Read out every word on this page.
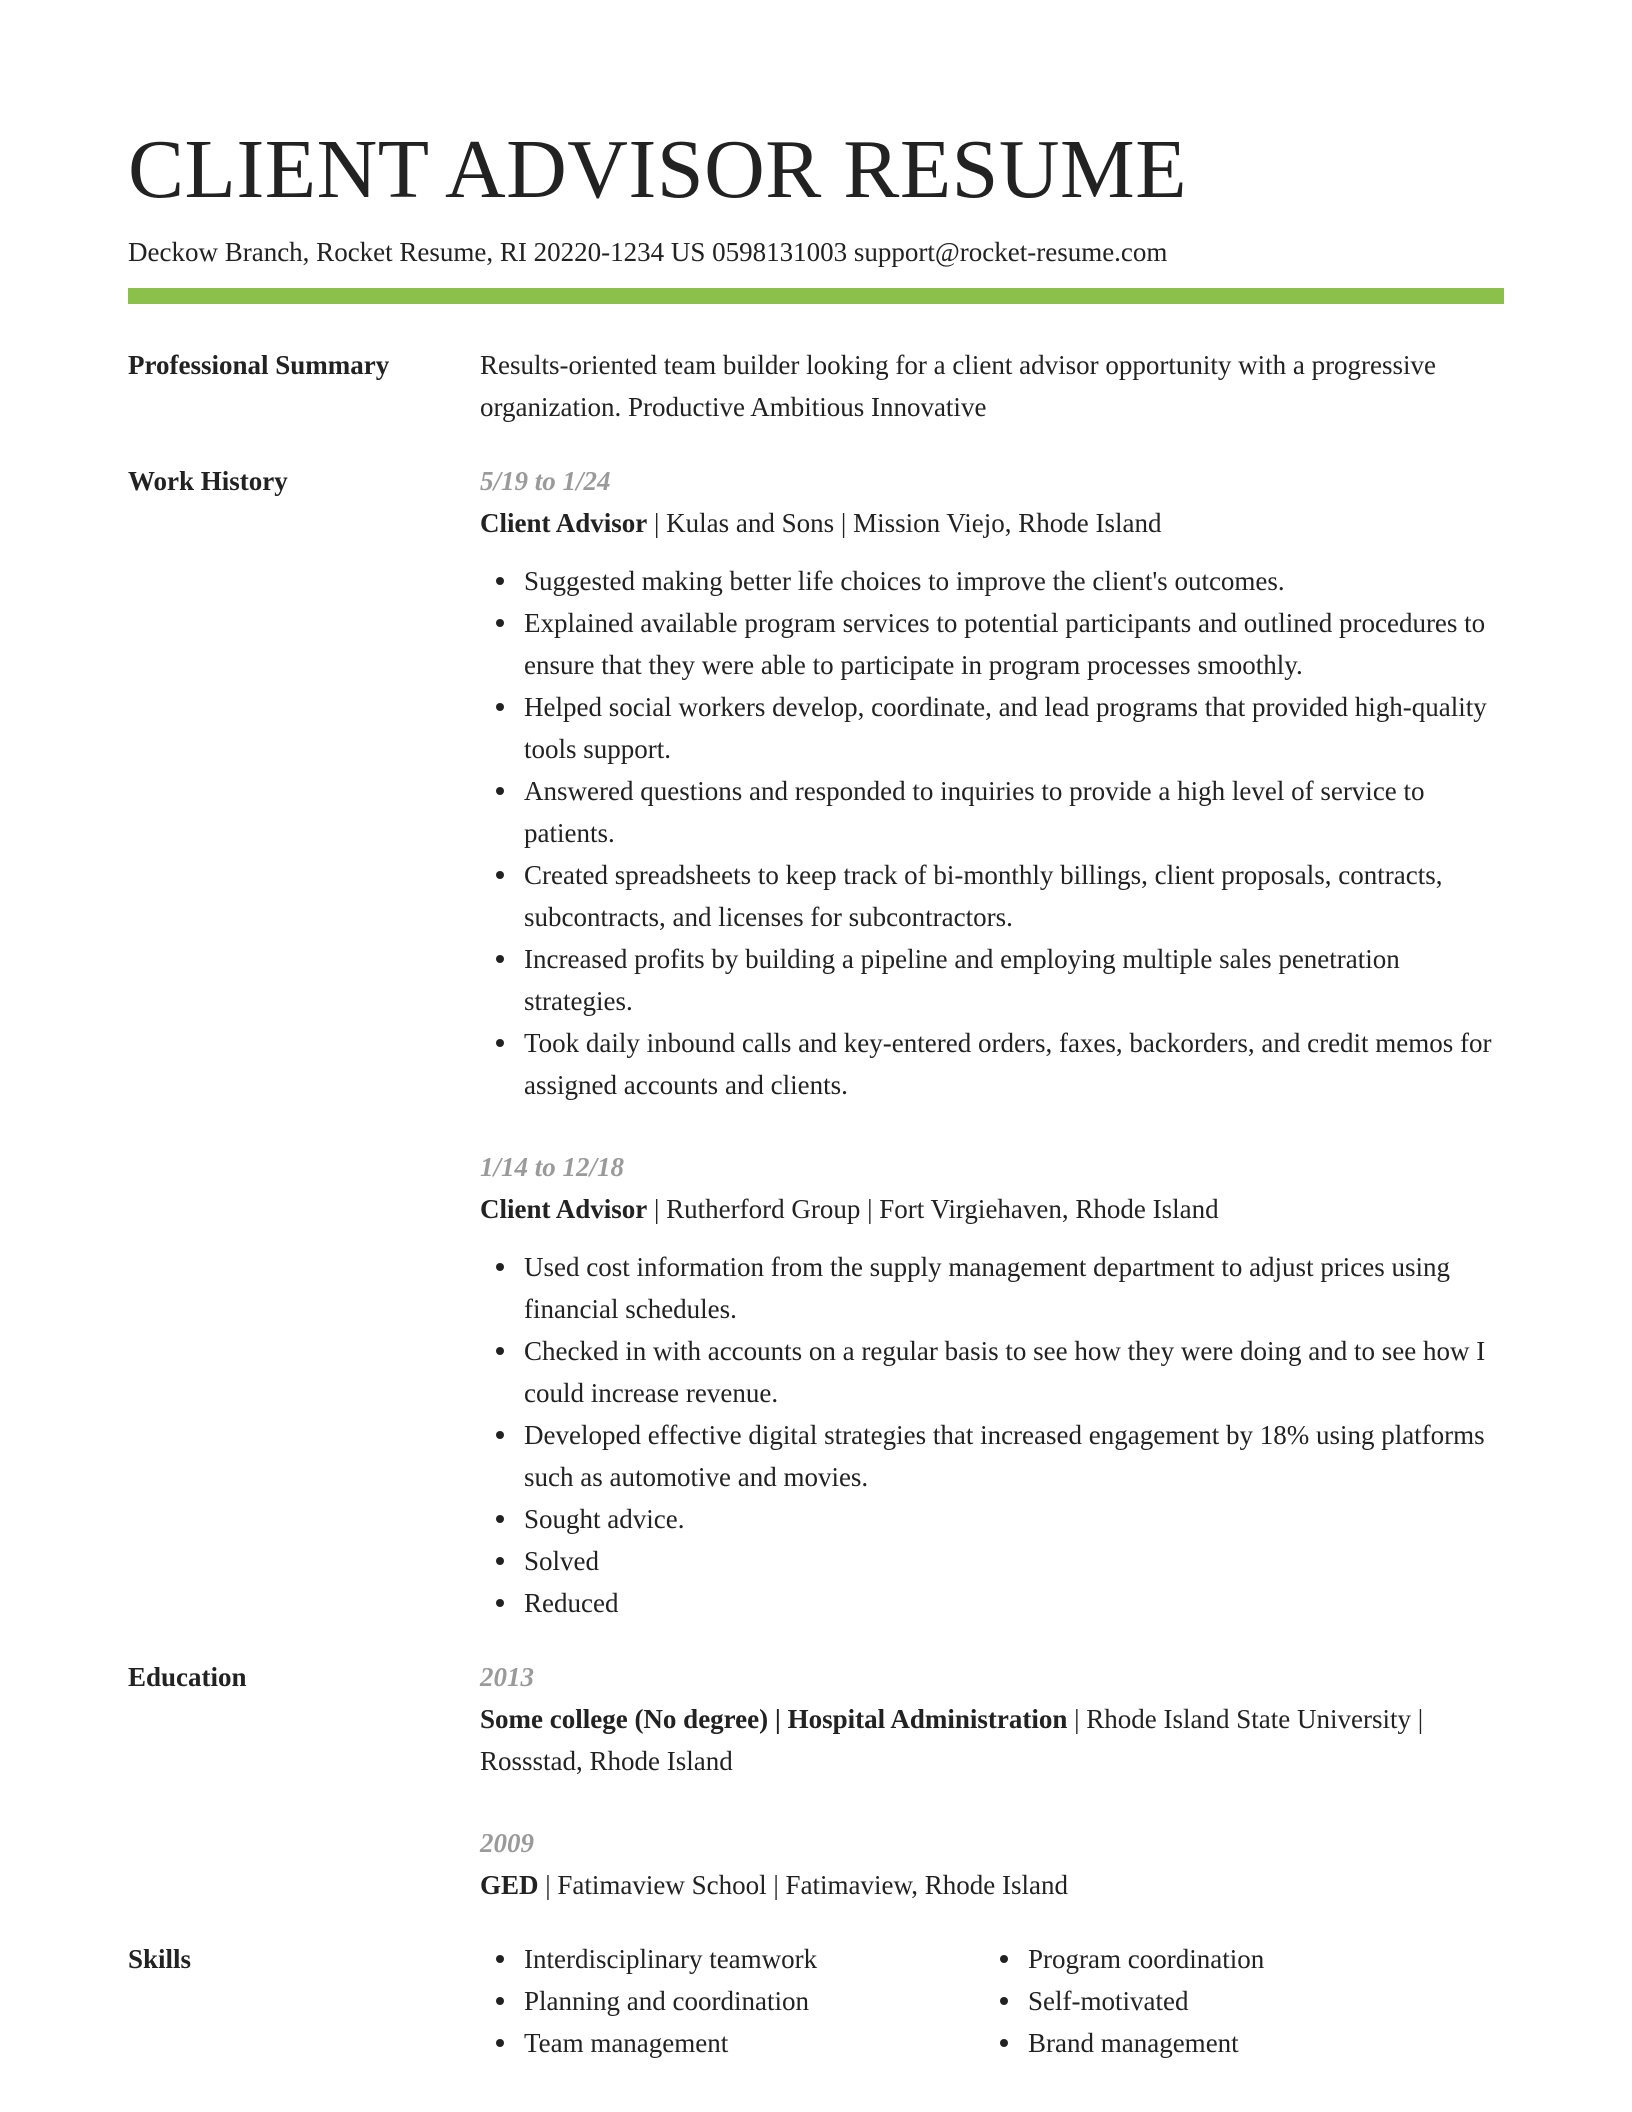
CLIENT ADVISOR RESUME
Deckow Branch, Rocket Resume, RI 20220-1234 US 0598131003 support@rocket-resume.com
Professional Summary	Results-oriented team builder looking for a client advisor opportunity with a progressive organization. Productive Ambitious Innovative

Work History	5/19 to 1/24
Client Advisor | Kulas and Sons | Mission Viejo, Rhode Island
Suggested making better life choices to improve the client's outcomes.
Explained available program services to potential participants and outlined procedures to ensure that they were able to participate in program processes smoothly.
Helped social workers develop, coordinate, and lead programs that provided high-quality tools support.
Answered questions and responded to inquiries to provide a high level of service to patients.
Created spreadsheets to keep track of bi-monthly billings, client proposals, contracts, subcontracts, and licenses for subcontractors.
Increased profits by building a pipeline and employing multiple sales penetration strategies.
Took daily inbound calls and key-entered orders, faxes, backorders, and credit memos for assigned accounts and clients.
1/14 to 12/18
Client Advisor | Rutherford Group | Fort Virgiehaven, Rhode Island
Used cost information from the supply management department to adjust prices using financial schedules.
Checked in with accounts on a regular basis to see how they were doing and to see how I could increase revenue.
Developed effective digital strategies that increased engagement by 18% using platforms such as automotive and movies.
Sought advice.
Solved
Reduced
Education	2013
Some college (No degree) | Hospital Administration | Rhode Island State University | Rossstad, Rhode Island
2009
GED | Fatimaview School | Fatimaview, Rhode Island
Skills	Interdisciplinary teamwork
Planning and coordination
Team management
Program coordination
Self-motivated
Brand management
